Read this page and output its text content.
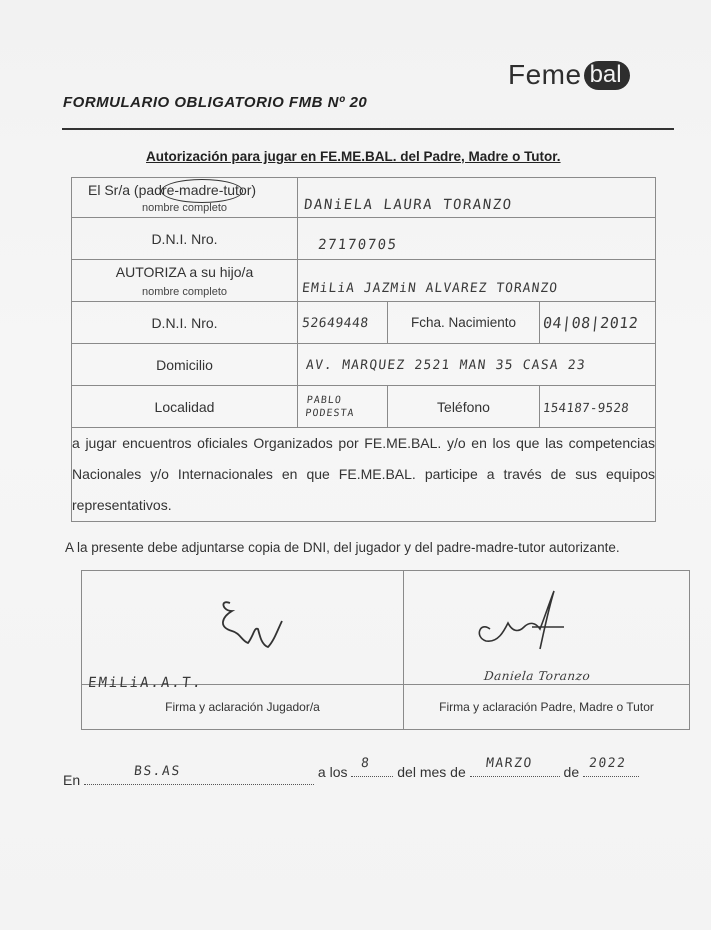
Feme bal
FORMULARIO OBLIGATORIO FMB Nº 20
Autorización para jugar en FE.ME.BAL. del Padre, Madre o Tutor.
El Sr/a (padre-madre-tutor)
nombre completo	DANiELA LAURA TORANZO		
D.N.I. Nro.	27170705		

AUTORIZA a su hijo/a
nombre completo	EMiLiA JAZMiN ALVAREZ TORANZO		
D.N.I. Nro.	52649448	Fcha. Nacimiento	04|08|2012
Domicilio	AV. MARQUEZ 2521 MAN 35 CASA 23		
Localidad	PABLO PODESTA	Teléfono	154187-9528
a jugar encuentros oficiales Organizados por FE.ME.BAL. y/o en los que las competencias Nacionales y/o Internacionales en que FE.ME.BAL. participe a través de sus equipos representativos.			
A la presente debe adjuntarse copia de DNI, del jugador y del padre-madre-tutor autorizante.
EMiLiA.A.T.	Daniela Toranzo

Firma y aclaración Jugador/a	Firma y aclaración Padre, Madre o Tutor
En
BS.AS	a los
8
del mes de
MARZO
de
2022
